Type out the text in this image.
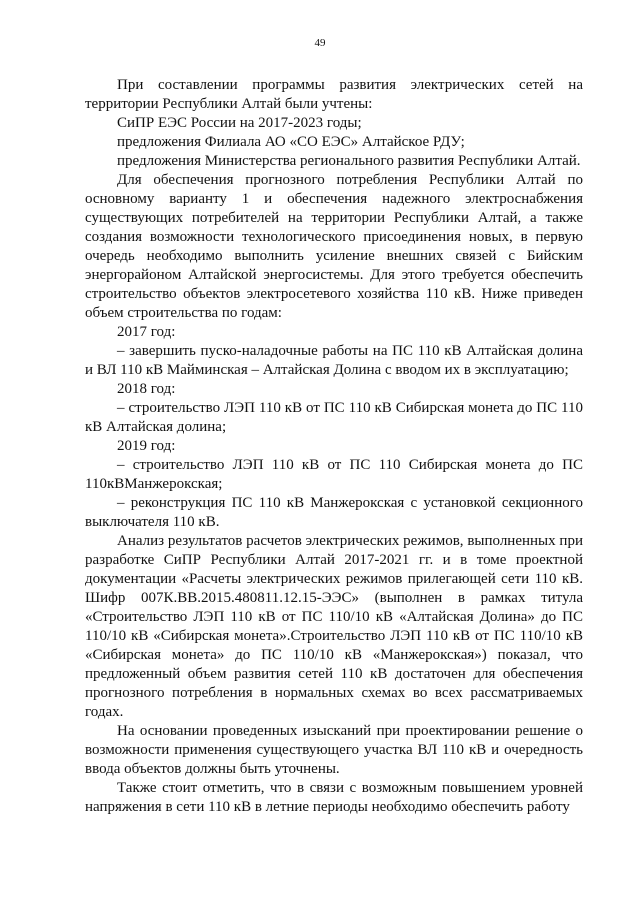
49

При составлении программы развития электрических сетей на территории Республики Алтай были учтены:

СиПР ЕЭС России на 2017-2023 годы;

предложения Филиала АО «СО ЕЭС» Алтайское РДУ;

предложения Министерства регионального развития Республики Алтай.

Для обеспечения прогнозного потребления Республики Алтай по основному варианту 1 и обеспечения надежного электроснабжения существующих потребителей на территории Республики Алтай, а также создания возможности технологического присоединения новых, в первую очередь необходимо выполнить усиление внешних связей с Бийским энергорайоном Алтайской энергосистемы. Для этого требуется обеспечить строительство объектов электросетевого хозяйства 110 кВ. Ниже приведен объем строительства по годам:

2017 год:

– завершить пуско-наладочные работы на ПС 110 кВ Алтайская долина и ВЛ 110 кВ Майминская – Алтайская Долина с вводом их в эксплуатацию;

2018 год:

– строительство ЛЭП 110 кВ от ПС 110 кВ Сибирская монета до ПС 110 кВ Алтайская долина;

2019 год:

– строительство ЛЭП 110 кВ от ПС 110 Сибирская монета до ПС 110кВМанжерокская;

– реконструкция ПС 110 кВ Манжерокская с установкой секционного выключателя 110 кВ.

Анализ результатов расчетов электрических режимов, выполненных при разработке СиПР Республики Алтай 2017-2021 гг. и в томе проектной документации «Расчеты электрических режимов прилегающей сети 110 кВ. Шифр 007К.ВВ.2015.480811.12.15-ЭЭС» (выполнен в рамках титула «Строительство ЛЭП 110 кВ от ПС 110/10 кВ «Алтайская Долина» до ПС 110/10 кВ «Сибирская монета».Строительство ЛЭП 110 кВ от ПС 110/10 кВ «Сибирская монета» до ПС 110/10 кВ «Манжерокская») показал, что предложенный объем развития сетей 110 кВ достаточен для обеспечения прогнозного потребления в нормальных схемах во всех рассматриваемых годах.

На основании проведенных изысканий при проектировании решение о возможности применения существующего участка ВЛ 110 кВ и очередность ввода объектов должны быть уточнены.

Также стоит отметить, что в связи с возможным повышением уровней напряжения в сети 110 кВ в летние периоды необходимо обеспечить работу
